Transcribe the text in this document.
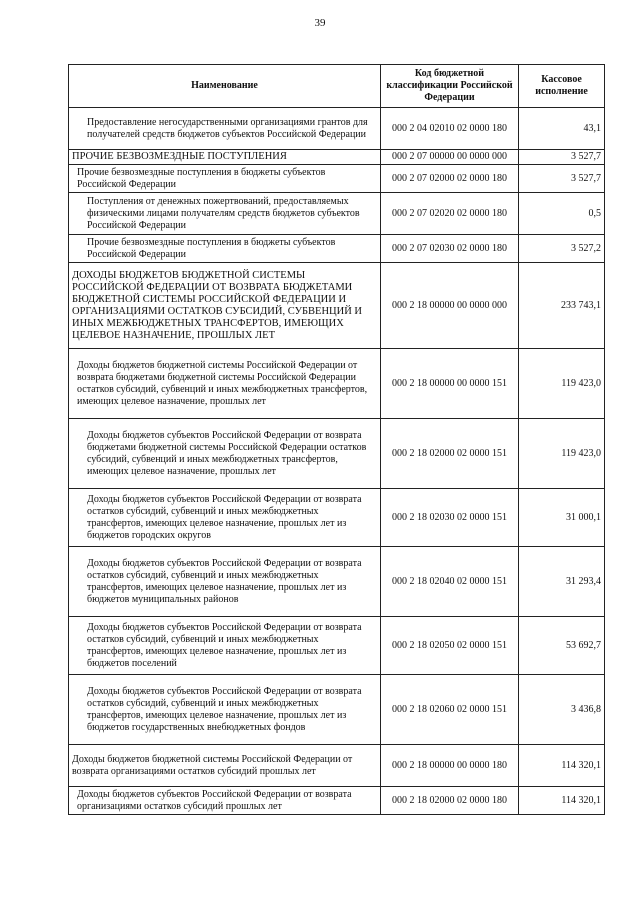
39
Наименование	Код бюджетной классификации Российской Федерации	Кассовое исполнение
Предоставление негосударственными организациями грантов для получателей средств бюджетов субъектов Российской Федерации	000 2 04 02010 02 0000 180	43,1
ПРОЧИЕ БЕЗВОЗМЕЗДНЫЕ ПОСТУПЛЕНИЯ	000 2 07 00000 00 0000 000	3 527,7
Прочие безвозмездные поступления в бюджеты субъектов Российской Федерации	000 2 07 02000 02 0000 180	3 527,7
Поступления от денежных пожертвований, предоставляемых физическими лицами получателям средств бюджетов субъектов Российской Федерации	000 2 07 02020 02 0000 180	0,5
Прочие безвозмездные поступления в бюджеты субъектов Российской Федерации	000 2 07 02030 02 0000 180	3 527,2
ДОХОДЫ БЮДЖЕТОВ БЮДЖЕТНОЙ СИСТЕМЫ РОССИЙСКОЙ ФЕДЕРАЦИИ ОТ ВОЗВРАТА БЮДЖЕТАМИ БЮДЖЕТНОЙ СИСТЕМЫ РОССИЙСКОЙ ФЕДЕРАЦИИ И ОРГАНИЗАЦИЯМИ ОСТАТКОВ СУБСИДИЙ, СУБВЕНЦИЙ И ИНЫХ МЕЖБЮДЖЕТНЫХ ТРАНСФЕРТОВ, ИМЕЮЩИХ ЦЕЛЕВОЕ НАЗНАЧЕНИЕ, ПРОШЛЫХ ЛЕТ	000 2 18 00000 00 0000 000	233 743,1
Доходы бюджетов бюджетной системы Российской Федерации от возврата бюджетами бюджетной системы Российской Федерации остатков субсидий, субвенций и иных межбюджетных трансфертов, имеющих целевое назначение, прошлых лет	000 2 18 00000 00 0000 151	119 423,0
Доходы бюджетов субъектов Российской Федерации от возврата бюджетами бюджетной системы Российской Федерации остатков субсидий, субвенций и иных межбюджетных трансфертов, имеющих целевое назначение, прошлых лет	000 2 18 02000 02 0000 151	119 423,0
Доходы бюджетов субъектов Российской Федерации от возврата остатков субсидий, субвенций и иных межбюджетных трансфертов, имеющих целевое назначение, прошлых лет из бюджетов городских округов	000 2 18 02030 02 0000 151	31 000,1
Доходы бюджетов субъектов Российской Федерации от возврата остатков субсидий, субвенций и иных межбюджетных трансфертов, имеющих целевое назначение, прошлых лет из бюджетов муниципальных районов	000 2 18 02040 02 0000 151	31 293,4
Доходы бюджетов субъектов Российской Федерации от возврата остатков субсидий, субвенций и иных межбюджетных трансфертов, имеющих целевое назначение, прошлых лет из бюджетов поселений	000 2 18 02050 02 0000 151	53 692,7
Доходы бюджетов субъектов Российской Федерации от возврата остатков субсидий, субвенций и иных межбюджетных трансфертов, имеющих целевое назначение, прошлых лет из бюджетов государственных внебюджетных фондов	000 2 18 02060 02 0000 151	3 436,8
Доходы бюджетов бюджетной системы Российской Федерации от возврата организациями остатков субсидий прошлых лет	000 2 18 00000 00 0000 180	114 320,1
Доходы бюджетов субъектов Российской Федерации от возврата организациями остатков субсидий прошлых лет	000 2 18 02000 02 0000 180	114 320,1
